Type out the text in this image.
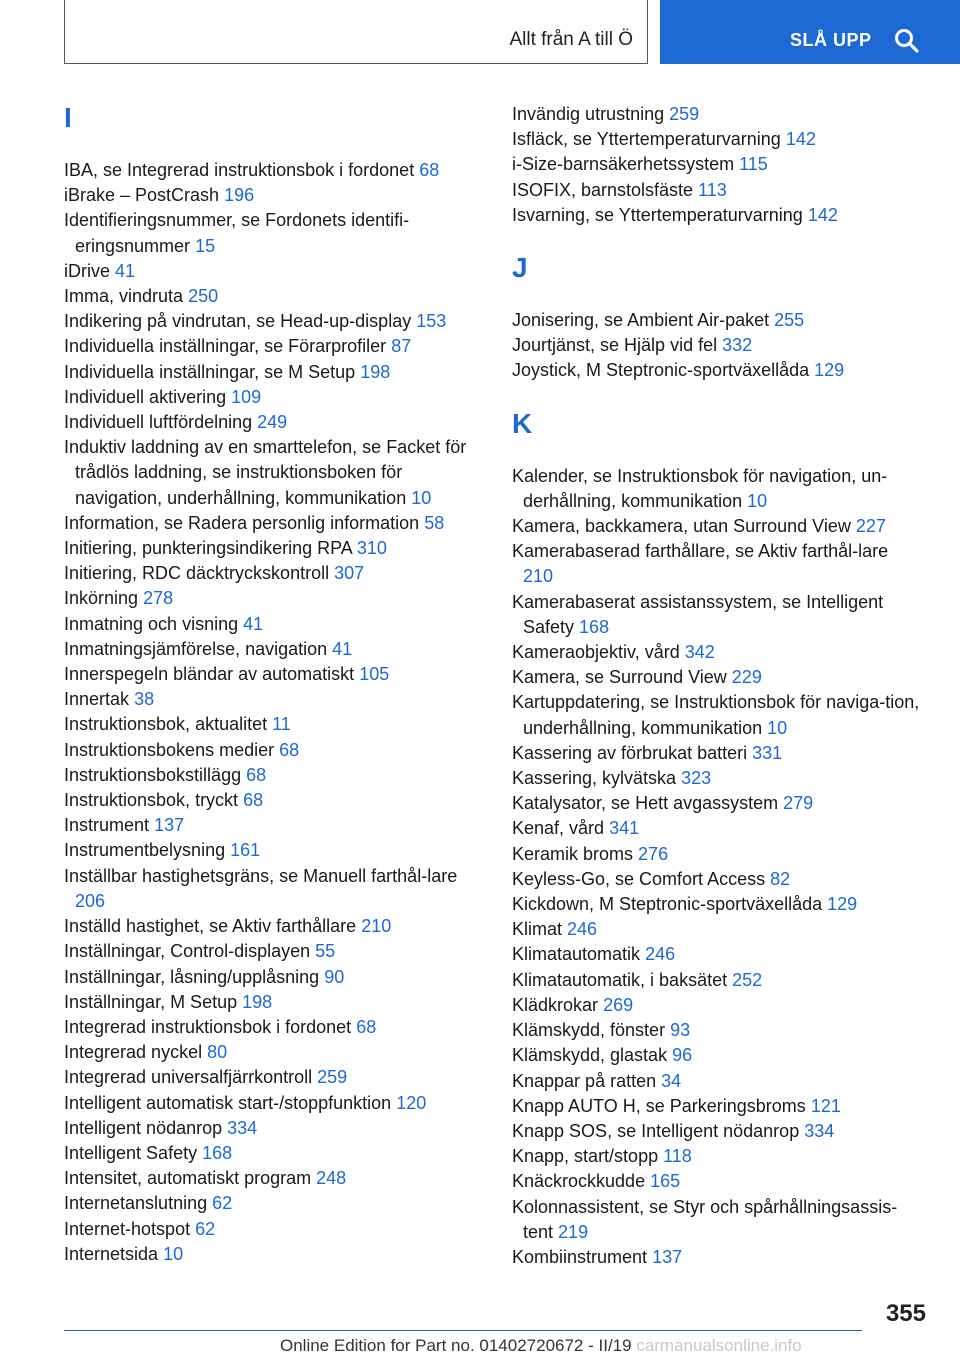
Allt från A till Ö	SLÅ UPP
I
IBA, se Integrerad instruktionsbok i fordonet 68
iBrake – PostCrash 196
Identifieringsnummer, se Fordonets identifi-eringsnummer 15
iDrive 41
Imma, vindruta 250
Indikering på vindrutan, se Head-up-display 153
Individuella inställningar, se Förarprofiler 87
Individuella inställningar, se M Setup 198
Individuell aktivering 109
Individuell luftfördelning 249
Induktiv laddning av en smarttelefon, se Facket för trådlös laddning, se instruktionsboken för navigation, underhållning, kommunikation 10
Information, se Radera personlig information 58
Initiering, punkteringsindikering RPA 310
Initiering, RDC däcktryckskontroll 307
Inkörning 278
Inmatning och visning 41
Inmatningsjämförelse, navigation 41
Innerspegeln bländar av automatiskt 105
Innertak 38
Instruktionsbok, aktualitet 11
Instruktionsbokens medier 68
Instruktionsbokstillägg 68
Instruktionsbok, tryckt 68
Instrument 137
Instrumentbelysning 161
Inställbar hastighetsgräns, se Manuell farthål-lare 206
Inställd hastighet, se Aktiv farthållare 210
Inställningar, Control-displayen 55
Inställningar, låsning/upplåsning 90
Inställningar, M Setup 198
Integrerad instruktionsbok i fordonet 68
Integrerad nyckel 80
Integrerad universalfjärrkontroll 259
Intelligent automatisk start-/stoppfunktion 120
Intelligent nödanrop 334
Intelligent Safety 168
Intensitet, automatiskt program 248
Internetanslutning 62
Internet-hotspot 62
Internetsida 10
Invändig utrustning 259
Isfläck, se Yttertemperaturvarning 142
i-Size-barnsäkerhetssystem 115
ISOFIX, barnstolsfäste 113
Isvarning, se Yttertemperaturvarning 142
J
Jonisering, se Ambient Air-paket 255
Jourtjänst, se Hjälp vid fel 332
Joystick, M Steptronic-sportväxellåda 129
K
Kalender, se Instruktionsbok för navigation, un-derhållning, kommunikation 10
Kamera, backkamera, utan Surround View 227
Kamerabaserad farthållare, se Aktiv farthål-lare 210
Kamerabaserat assistanssystem, se Intelligent Safety 168
Kameraobjektiv, vård 342
Kamera, se Surround View 229
Kartuppdatering, se Instruktionsbok för naviga-tion, underhållning, kommunikation 10
Kassering av förbrukat batteri 331
Kassering, kylvätska 323
Katalysator, se Hett avgassystem 279
Kenaf, vård 341
Keramik broms 276
Keyless-Go, se Comfort Access 82
Kickdown, M Steptronic-sportväxellåda 129
Klimat 246
Klimatautomatik 246
Klimatautomatik, i baksätet 252
Klädkrokar 269
Klämskydd, fönster 93
Klämskydd, glastak 96
Knappar på ratten 34
Knapp AUTO H, se Parkeringsbroms 121
Knapp SOS, se Intelligent nödanrop 334
Knapp, start/stopp 118
Knäckrockkudde 165
Kolonnassistent, se Styr och spårhållningsassis-tent 219
Kombiinstrument 137
355
Online Edition for Part no. 01402720672 - II/19 carmanualsonline.info
